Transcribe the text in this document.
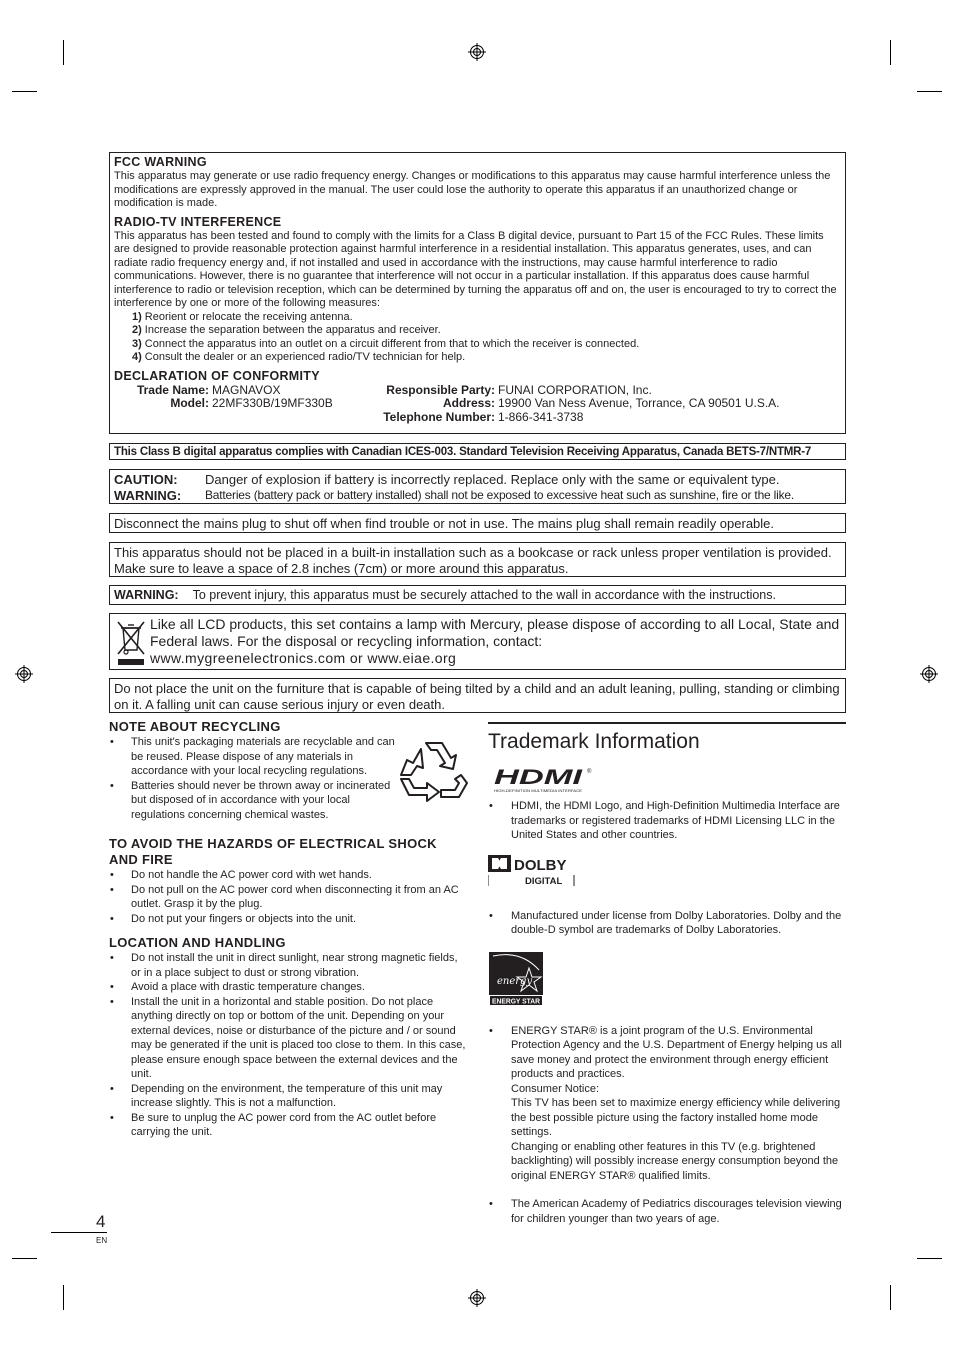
FCC WARNING

This apparatus may generate or use radio frequency energy. Changes or modifications to this apparatus may cause harmful interference unless the modifications are expressly approved in the manual. The user could lose the authority to operate this apparatus if an unauthorized change or modification is made.

RADIO-TV INTERFERENCE

This apparatus has been tested and found to comply with the limits for a Class B digital device, pursuant to Part 15 of the FCC Rules. These limits are designed to provide reasonable protection against harmful interference in a residential installation. This apparatus generates, uses, and can radiate radio frequency energy and, if not installed and used in accordance with the instructions, may cause harmful interference to radio communications. However, there is no guarantee that interference will not occur in a particular installation. If this apparatus does cause harmful interference to radio or television reception, which can be determined by turning the apparatus off and on, the user is encouraged to try to correct the interference by one or more of the following measures:

1) Reorient or relocate the receiving antenna.
2) Increase the separation between the apparatus and receiver.
3) Connect the apparatus into an outlet on a circuit different from that to which the receiver is connected.
4) Consult the dealer or an experienced radio/TV technician for help.
DECLARATION OF CONFORMITY
Trade Name: MAGNAVOX	Responsible Party: FUNAI CORPORATION, Inc.
Model: 22MF330B/19MF330B	Address: 19900 Van Ness Avenue, Torrance, CA 90501 U.S.A.
Telephone Number: 1-866-341-3738
This Class B digital apparatus complies with Canadian ICES-003. Standard Television Receiving Apparatus, Canada BETS-7/NTMR-7
CAUTION:	Danger of explosion if battery is incorrectly replaced. Replace only with the same or equivalent type.
WARNING:	Batteries (battery pack or battery installed) shall not be exposed to excessive heat such as sunshine, fire or the like.
Disconnect the mains plug to shut off when find trouble or not in use. The mains plug shall remain readily operable.
This apparatus should not be placed in a built-in installation such as a bookcase or rack unless proper ventilation is provided. Make sure to leave a space of 2.8 inches (7cm) or more around this apparatus.
WARNING: To prevent injury, this apparatus must be securely attached to the wall in accordance with the instructions.
Like all LCD products, this set contains a lamp with Mercury, please dispose of according to all Local, State and Federal laws. For the disposal or recycling information, contact:
www.mygreenelectronics.com or www.eiae.org
Do not place the unit on the furniture that is capable of being tilted by a child and an adult leaning, pulling, standing or climbing on it. A falling unit can cause serious injury or even death.
NOTE ABOUT RECYCLING
• This unit's packaging materials are recyclable and can be reused. Please dispose of any materials in accordance with your local recycling regulations.
• Batteries should never be thrown away or incinerated but disposed of in accordance with your local regulations concerning chemical wastes.
TO AVOID THE HAZARDS OF ELECTRICAL SHOCK AND FIRE
• Do not handle the AC power cord with wet hands.
• Do not pull on the AC power cord when disconnecting it from an AC outlet. Grasp it by the plug.
• Do not put your fingers or objects into the unit.
LOCATION AND HANDLING
• Do not install the unit in direct sunlight, near strong magnetic fields, or in a place subject to dust or strong vibration.
• Avoid a place with drastic temperature changes.
• Install the unit in a horizontal and stable position. Do not place anything directly on top or bottom of the unit. Depending on your external devices, noise or disturbance of the picture and / or sound may be generated if the unit is placed too close to them. In this case, please ensure enough space between the external devices and the unit.
• Depending on the environment, the temperature of this unit may increase slightly. This is not a malfunction.
• Be sure to unplug the AC power cord from the AC outlet before carrying the unit.
Trademark Information
HDMI ®
HIGH-DEFINITION MULTIMEDIA INTERFACE
• HDMI, the HDMI Logo, and High-Definition Multimedia Interface are trademarks or registered trademarks of HDMI Licensing LLC in the United States and other countries.
DOLBY
DIGITAL
• Manufactured under license from Dolby Laboratories. Dolby and the double-D symbol are trademarks of Dolby Laboratories.
energy
ENERGY STAR
• ENERGY STAR® is a joint program of the U.S. Environmental Protection Agency and the U.S. Department of Energy helping us all save money and protect the environment through energy efficient products and practices.
Consumer Notice:
This TV has been set to maximize energy efficiency while delivering the best possible picture using the factory installed home mode settings.
Changing or enabling other features in this TV (e.g. brightened backlighting) will possibly increase energy consumption beyond the original ENERGY STAR® qualified limits.
• The American Academy of Pediatrics discourages television viewing for children younger than two years of age.
4
EN
